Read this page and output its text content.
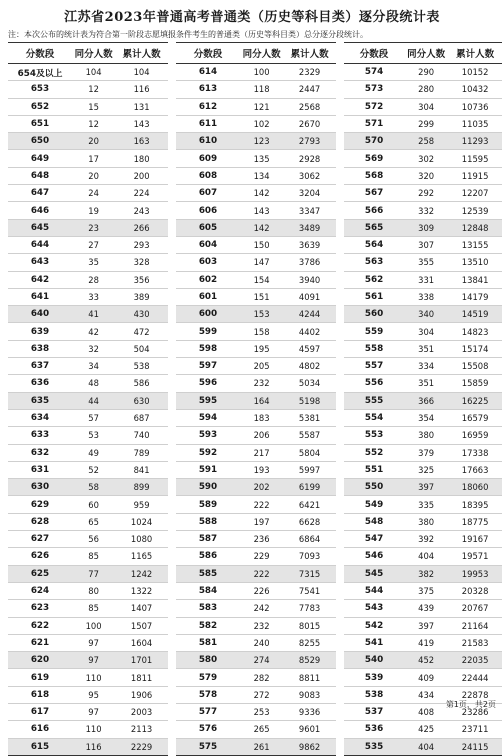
江苏省2023年普通高考普通类（历史等科目类）逐分段统计表
注：本次公布的统计表为符合第一阶段志愿填报条件考生的普通类（历史等科目类）总分逐分段统计。
分数段	同分人数	累计人数
654及以上	104	104
653	12	116
652	15	131
651	12	143
650	20	163
649	17	180
648	20	200
647	24	224
646	19	243
645	23	266
644	27	293
643	35	328
642	28	356
641	33	389
640	41	430
639	42	472
638	32	504
637	34	538
636	48	586
635	44	630
634	57	687
633	53	740
632	49	789
631	52	841
630	58	899
629	60	959
628	65	1024
627	56	1080
626	85	1165
625	77	1242
624	80	1322
623	85	1407
622	100	1507
621	97	1604
620	97	1701
619	110	1811
618	95	1906
617	97	2003
616	110	2113
615	116	2229
分数段	同分人数	累计人数
614	100	2329
613	118	2447
612	121	2568
611	102	2670
610	123	2793
609	135	2928
608	134	3062
607	142	3204
606	143	3347
605	142	3489
604	150	3639
603	147	3786
602	154	3940
601	151	4091
600	153	4244
599	158	4402
598	195	4597
597	205	4802
596	232	5034
595	164	5198
594	183	5381
593	206	5587
592	217	5804
591	193	5997
590	202	6199
589	222	6421
588	197	6628
587	236	6864
586	229	7093
585	222	7315
584	226	7541
583	242	7783
582	232	8015
581	240	8255
580	274	8529
579	282	8811
578	272	9083
577	253	9336
576	265	9601
575	261	9862
分数段	同分人数	累计人数
574	290	10152
573	280	10432
572	304	10736
571	299	11035
570	258	11293
569	302	11595
568	320	11915
567	292	12207
566	332	12539
565	309	12848
564	307	13155
563	355	13510
562	331	13841
561	338	14179
560	340	14519
559	304	14823
558	351	15174
557	334	15508
556	351	15859
555	366	16225
554	354	16579
553	380	16959
552	379	17338
551	325	17663
550	397	18060
549	335	18395
548	380	18775
547	392	19167
546	404	19571
545	382	19953
544	375	20328
543	439	20767
542	397	21164
541	419	21583
540	452	22035
539	409	22444
538	434	22878
537	408	23286
536	425	23711
535	404	24115
第1页，共2页
